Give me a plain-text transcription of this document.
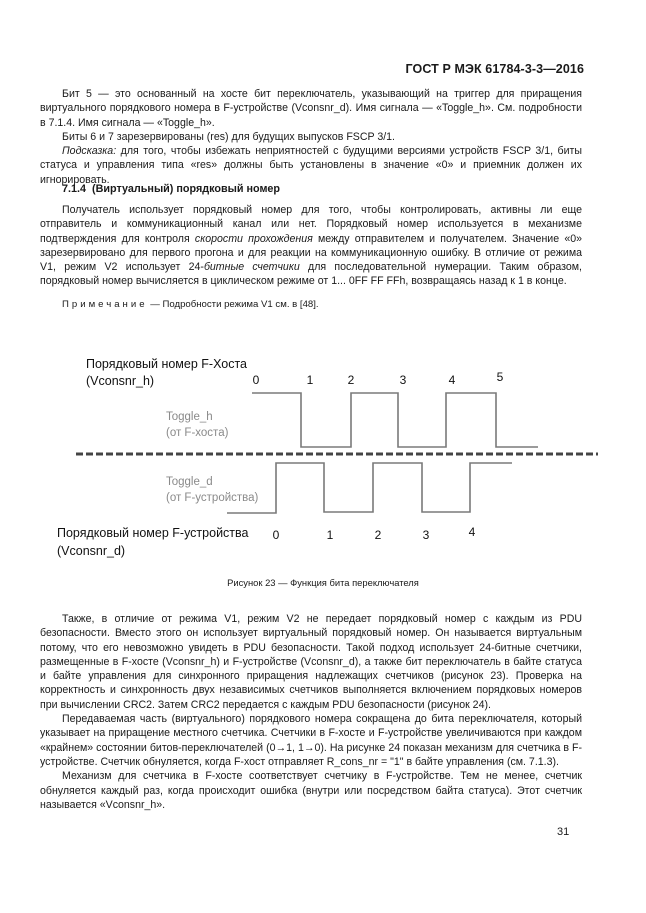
ГОСТ Р МЭК 61784-3-3—2016

Бит 5 — это основанный на хосте бит переключатель, указывающий на триггер для приращения виртуального порядкового номера в F-устройстве (Vconsnr_d). Имя сигнала — «Toggle_h». См. подробности в 7.1.4. Имя сигнала — «Toggle_h».

Биты 6 и 7 зарезервированы (res) для будущих выпусков FSCP 3/1.

Подсказка: для того, чтобы избежать неприятностей с будущими версиями устройств FSCP 3/1, биты статуса и управления типа «res» должны быть установлены в значение «0» и приемник должен их игнорировать.

7.1.4 (Виртуальный) порядковый номер

Получатель использует порядковый номер для того, чтобы контролировать, активны ли еще отправитель и коммуникационный канал или нет. Порядковый номер используется в механизме подтверждения для контроля скорости прохождения между отправителем и получателем. Значение «0» зарезервировано для первого прогона и для реакции на коммуникационную ошибку. В отличие от режима V1, режим V2 использует 24-битные счетчики для последовательной нумерации. Таким образом, порядковый номер вычисляется в циклическом режиме от 1... 0FF FF FFh, возвращаясь назад к 1 в конце.

Примечание — Подробности режима V1 см. в [48].
Порядковый номер F-Хоста
(Vconsnr_h)	0	1	2	3	4	5
Toggle_h
(от F-хоста)
Toggle_d
(от F-устройства)
Порядковый номер F-устройства
(Vconsnr_d)
0	1	2	3	4
Рисунок 23 — Функция бита переключателя

Также, в отличие от режима V1, режим V2 не передает порядковый номер с каждым из PDU безопасности. Вместо этого он использует виртуальный порядковый номер. Он называется виртуальным потому, что его невозможно увидеть в PDU безопасности. Такой подход использует 24-битные счетчики, размещенные в F-хосте (Vconsnr_h) и F-устройстве (Vconsnr_d), а также бит переключатель в байте статуса и байте управления для синхронного приращения надлежащих счетчиков (рисунок 23). Проверка на корректность и синхронность двух независимых счетчиков выполняется включением порядковых номеров при вычислении CRC2. Затем CRC2 передается с каждым PDU безопасности (рисунок 24).

Передаваемая часть (виртуального) порядкового номера сокращена до бита переключателя, который указывает на приращение местного счетчика. Счетчики в F-хосте и F-устройстве увеличиваются при каждом «крайнем» состоянии битов-переключателей (0→1, 1→0). На рисунке 24 показан механизм для счетчика в F-устройстве. Счетчик обнуляется, когда F-хост отправляет R_cons_nr = "1" в байте управления (см. 7.1.3).

Механизм для счетчика в F-хосте соответствует счетчику в F-устройстве. Тем не менее, счетчик обнуляется каждый раз, когда происходит ошибка (внутри или посредством байта статуса). Этот счетчик называется «Vconsnr_h».

31
